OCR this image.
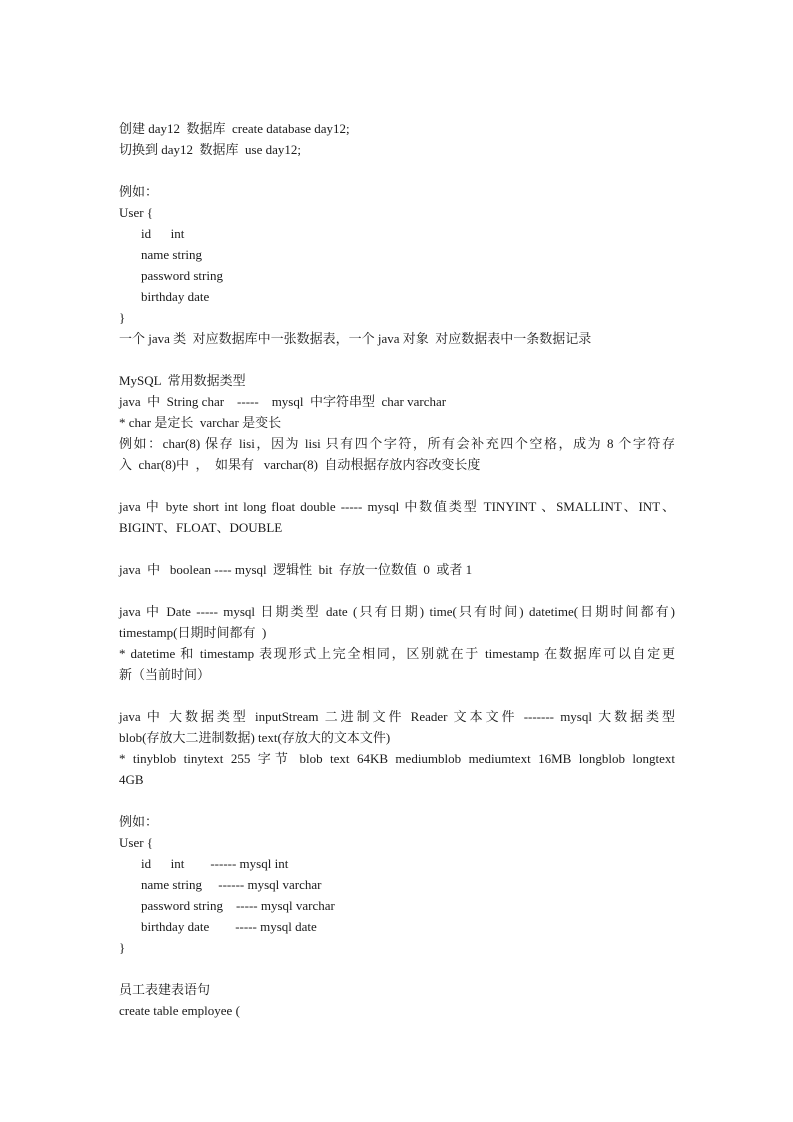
创建 day12  数据库  create database day12;
切换到 day12  数据库  use day12;
例如：
User {
id      int
name string
password string
birthday date
}
一个 java 类  对应数据库中一张数据表，一个 java 对象  对应数据表中一条数据记录
MySQL  常用数据类型
java  中  String char    -----    mysql  中字符串型  char varchar
* char 是定长  varchar 是变长
例如：char(8) 保存 lisi，因为 lisi 只有四个字符，所有会补充四个空格，成为 8 个字符存
入  char(8)中  ，  如果有   varchar(8)  自动根据存放内容改变长度
java 中 byte short int long float double ----- mysql 中数值类型 TINYINT 、SMALLINT、INT、
BIGINT、FLOAT、DOUBLE
java  中   boolean ---- mysql  逻辑性  bit  存放一位数值  0  或者 1
java 中 Date ----- mysql 日期类型 date (只有日期) time(只有时间) datetime(日期时间都有)
timestamp(日期时间都有  )
* datetime 和 timestamp 表现形式上完全相同，区别就在于 timestamp 在数据库可以自定更
新（当前时间）
java 中 大数据类型 inputStream 二进制文件 Reader 文本文件 ------- mysql 大数据类型
blob(存放大二进制数据) text(存放大的文本文件)
* tinyblob tinytext 255 字节 blob text 64KB mediumblob mediumtext 16MB longblob longtext
4GB
例如：
User {
id      int        ------ mysql int
name string     ------ mysql varchar
password string    ----- mysql varchar
birthday date        ----- mysql date
}
员工表建表语句
create table employee (
